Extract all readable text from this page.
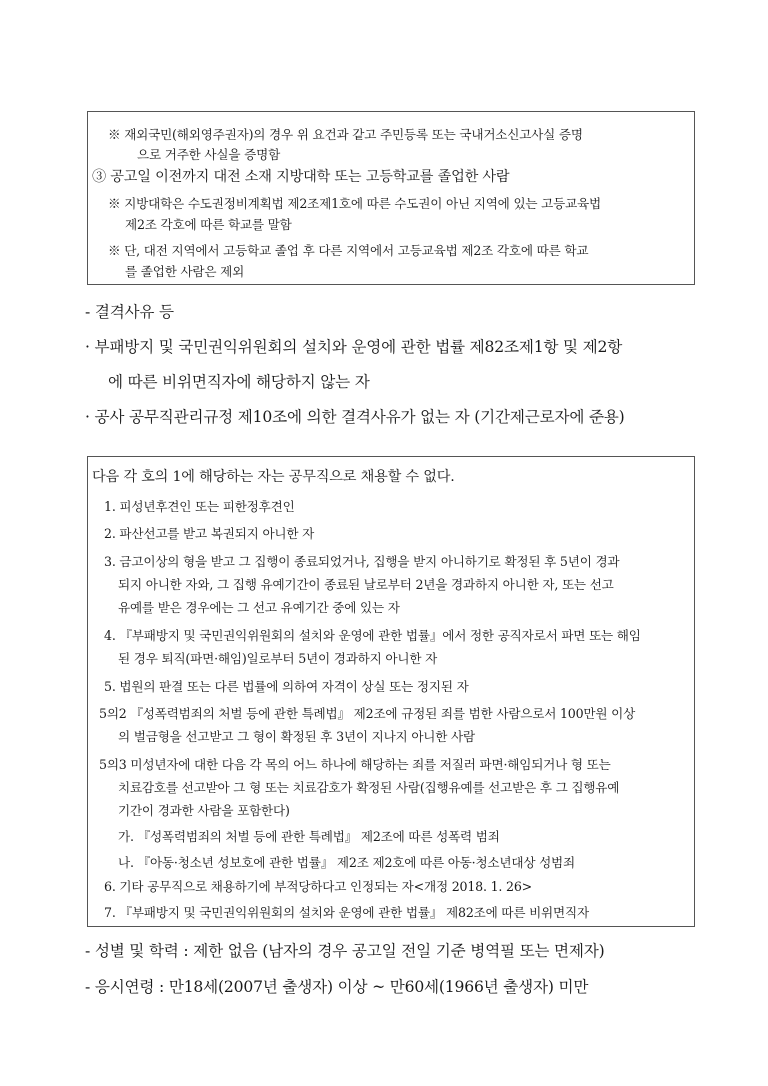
※ 재외국민(해외영주권자)의 경우 위 요건과 같고 주민등록 또는 국내거소신고사실 증명
으로 거주한 사실을 증명함
③ 공고일 이전까지 대전 소재 지방대학 또는 고등학교를 졸업한 사람
※ 지방대학은 수도권정비계획법 제2조제1호에 따른 수도권이 아닌 지역에 있는 고등교육법
제2조 각호에 따른 학교를 말함
※ 단, 대전 지역에서 고등학교 졸업 후 다른 지역에서 고등교육법 제2조 각호에 따른 학교
를 졸업한 사람은 제외
- 결격사유 등
· 부패방지 및 국민권익위원회의 설치와 운영에 관한 법률 제82조제1항 및 제2항
에 따른 비위면직자에 해당하지 않는 자
· 공사 공무직관리규정 제10조에 의한 결격사유가 없는 자 (기간제근로자에 준용)
다음 각 호의 1에 해당하는 자는 공무직으로 채용할 수 없다.
1. 피성년후견인 또는 피한정후견인
2. 파산선고를 받고 복권되지 아니한 자
3. 금고이상의 형을 받고 그 집행이 종료되었거나, 집행을 받지 아니하기로 확정된 후 5년이 경과
되지 아니한 자와, 그 집행 유예기간이 종료된 날로부터 2년을 경과하지 아니한 자, 또는 선고
유예를 받은 경우에는 그 선고 유예기간 중에 있는 자
4. 『부패방지 및 국민권익위원회의 설치와 운영에 관한 법률』에서 정한 공직자로서 파면 또는 해임
된 경우 퇴직(파면·해임)일로부터 5년이 경과하지 아니한 자
5. 법원의 판결 또는 다른 법률에 의하여 자격이 상실 또는 정지된 자
5의2 『성폭력범죄의 처벌 등에 관한 특례법』 제2조에 규정된 죄를 범한 사람으로서 100만원 이상
의 벌금형을 선고받고 그 형이 확정된 후 3년이 지나지 아니한 사람
5의3 미성년자에 대한 다음 각 목의 어느 하나에 해당하는 죄를 저질러 파면·해임되거나 형 또는
치료감호를 선고받아 그 형 또는 치료감호가 확정된 사람(집행유예를 선고받은 후 그 집행유예
기간이 경과한 사람을 포함한다)
가. 『성폭력범죄의 처벌 등에 관한 특례법』 제2조에 따른 성폭력 범죄
나. 『아동·청소년 성보호에 관한 법률』 제2조 제2호에 따른 아동·청소년대상 성범죄
6. 기타 공무직으로 채용하기에 부적당하다고 인정되는 자<개정 2018. 1. 26>
7. 『부패방지 및 국민권익위원회의 설치와 운영에 관한 법률』 제82조에 따른 비위면직자
- 성별 및 학력 : 제한 없음 (남자의 경우 공고일 전일 기준 병역필 또는 면제자)
- 응시연령 : 만18세(2007년 출생자) 이상 ~ 만60세(1966년 출생자) 미만
